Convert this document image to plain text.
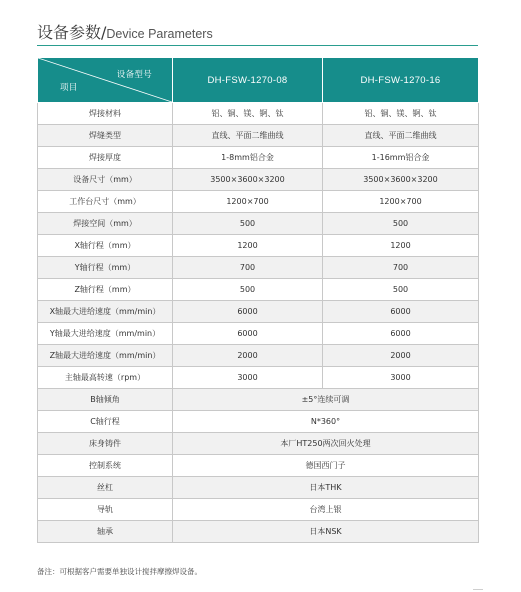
设备参数/ Device Parameters
设备型号
项目	DH-FSW-1270-08	DH-FSW-1270-16
焊接材料	铝、铜、镁、锕、钛	铝、铜、镁、锕、钛
焊缝类型	直线、平面二维曲线	直线、平面二维曲线
焊接厚度	1-8mm铝合金	1-16mm铝合金
设备尺寸（mm）	3500×3600×3200	3500×3600×3200
工作台尺寸（mm）	1200×700	1200×700
焊接空间（mm）	500	500
X轴行程（mm）	1200	1200
Y轴行程（mm）	700	700
Z轴行程（mm）	500	500
X轴最大进给速度（mm/min）	6000	6000
Y轴最大进给速度（mm/min）	6000	6000
Z轴最大进给速度（mm/min）	2000	2000
主轴最高转速（rpm）	3000	3000
B轴倾角	±5°连续可调	
C轴行程	N*360°	
床身铸件	本厂HT250两次回火处理	
控制系统	德国西门子	
丝杠	日本THK	
导轨	台湾上银	
轴承	日本NSK	
备注：可根据客户需要单独设计搅拌摩擦焊设备。
